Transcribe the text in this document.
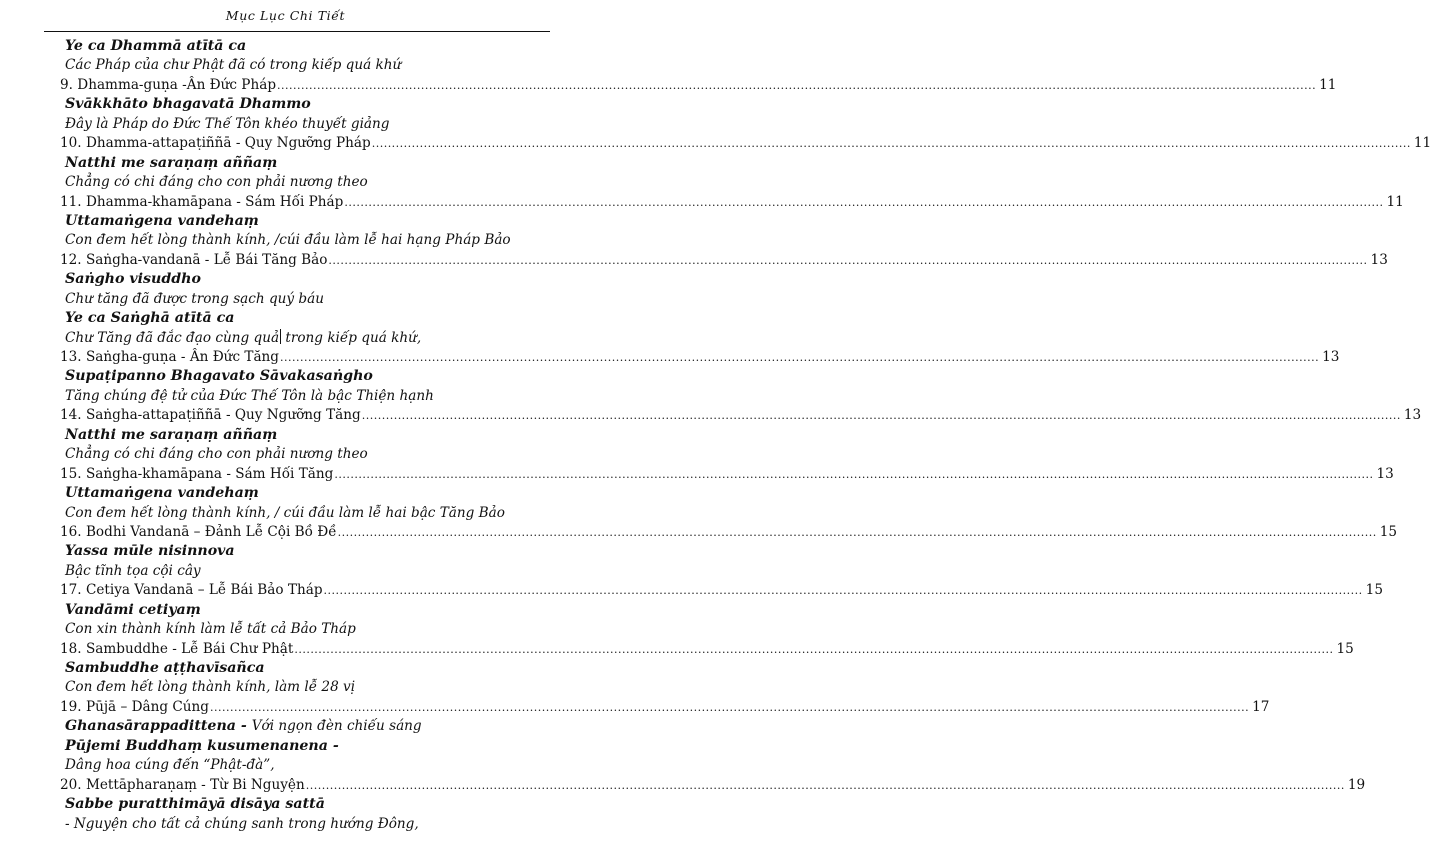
Mục Lục Chi Tiết
Ye ca Dhammā atītā ca
Các Pháp của chư Phật đã có trong kiếp quá khứ
9. Dhamma-guṇa -Ân Đức Pháp .................................................................................................................................................................................................................................................................... 11
Svākkhāto bhagavatā Dhammo
Đây là Pháp do Đức Thế Tôn khéo thuyết giảng
10. Dhamma-attapaṭiññā - Quy Ngưỡng Pháp .................................................................................................................................................................................................................................................................... 11
Natthi me saraṇaṃ aññaṃ
Chẳng có chi đáng cho con phải nương theo
11. Dhamma-khamāpana - Sám Hối Pháp .................................................................................................................................................................................................................................................................... 11
Uttamaṅgena vandehaṃ
Con đem hết lòng thành kính, /cúi đầu làm lễ hai hạng Pháp Bảo
12. Saṅgha-vandanā - Lễ Bái Tăng Bảo .................................................................................................................................................................................................................................................................... 13
Saṅgho visuddho
Chư tăng đã được trong sạch quý báu
Ye ca Saṅghā atītā ca
Chư Tăng đã đắc đạo cùng quả trong kiếp quá khứ,
13. Saṅgha-guṇa - Ân Đức Tăng .................................................................................................................................................................................................................................................................... 13
Supaṭipanno Bhagavato Sāvakasaṅgho
Tăng chúng đệ tử của Đức Thế Tôn là bậc Thiện hạnh
14. Saṅgha-attapaṭiññā - Quy Ngưỡng Tăng .................................................................................................................................................................................................................................................................... 13
Natthi me saraṇaṃ aññaṃ
Chẳng có chi đáng cho con phải nương theo
15. Saṅgha-khamāpana - Sám Hối Tăng .................................................................................................................................................................................................................................................................... 13
Uttamaṅgena vandehaṃ
Con đem hết lòng thành kính, / cúi đầu làm lễ hai bậc Tăng Bảo
16. Bodhi Vandanā – Đảnh Lễ Cội Bồ Đề .................................................................................................................................................................................................................................................................... 15
Yassa mūle nisinnova
Bậc tĩnh tọa cội cây
17. Cetiya Vandanā – Lễ Bái Bảo Tháp .................................................................................................................................................................................................................................................................... 15
Vandāmi cetiyaṃ
Con xin thành kính làm lễ tất cả Bảo Tháp
18. Sambuddhe - Lễ Bái Chư Phật .................................................................................................................................................................................................................................................................... 15
Sambuddhe aṭṭhavīsañca
Con đem hết lòng thành kính, làm lễ 28 vị
19. Pūjā – Dâng Cúng .................................................................................................................................................................................................................................................................... 17
Ghanasārappadittena - Với ngọn đèn chiếu sáng
Pūjemi Buddhaṃ kusumenanena -
Dâng hoa cúng đến “Phật-đà”,
20. Mettāpharaṇaṃ - Từ Bi Nguyện .................................................................................................................................................................................................................................................................... 19
Sabbe puratthimāyā disāya sattā
- Nguyện cho tất cả chúng sanh trong hướng Đông,
